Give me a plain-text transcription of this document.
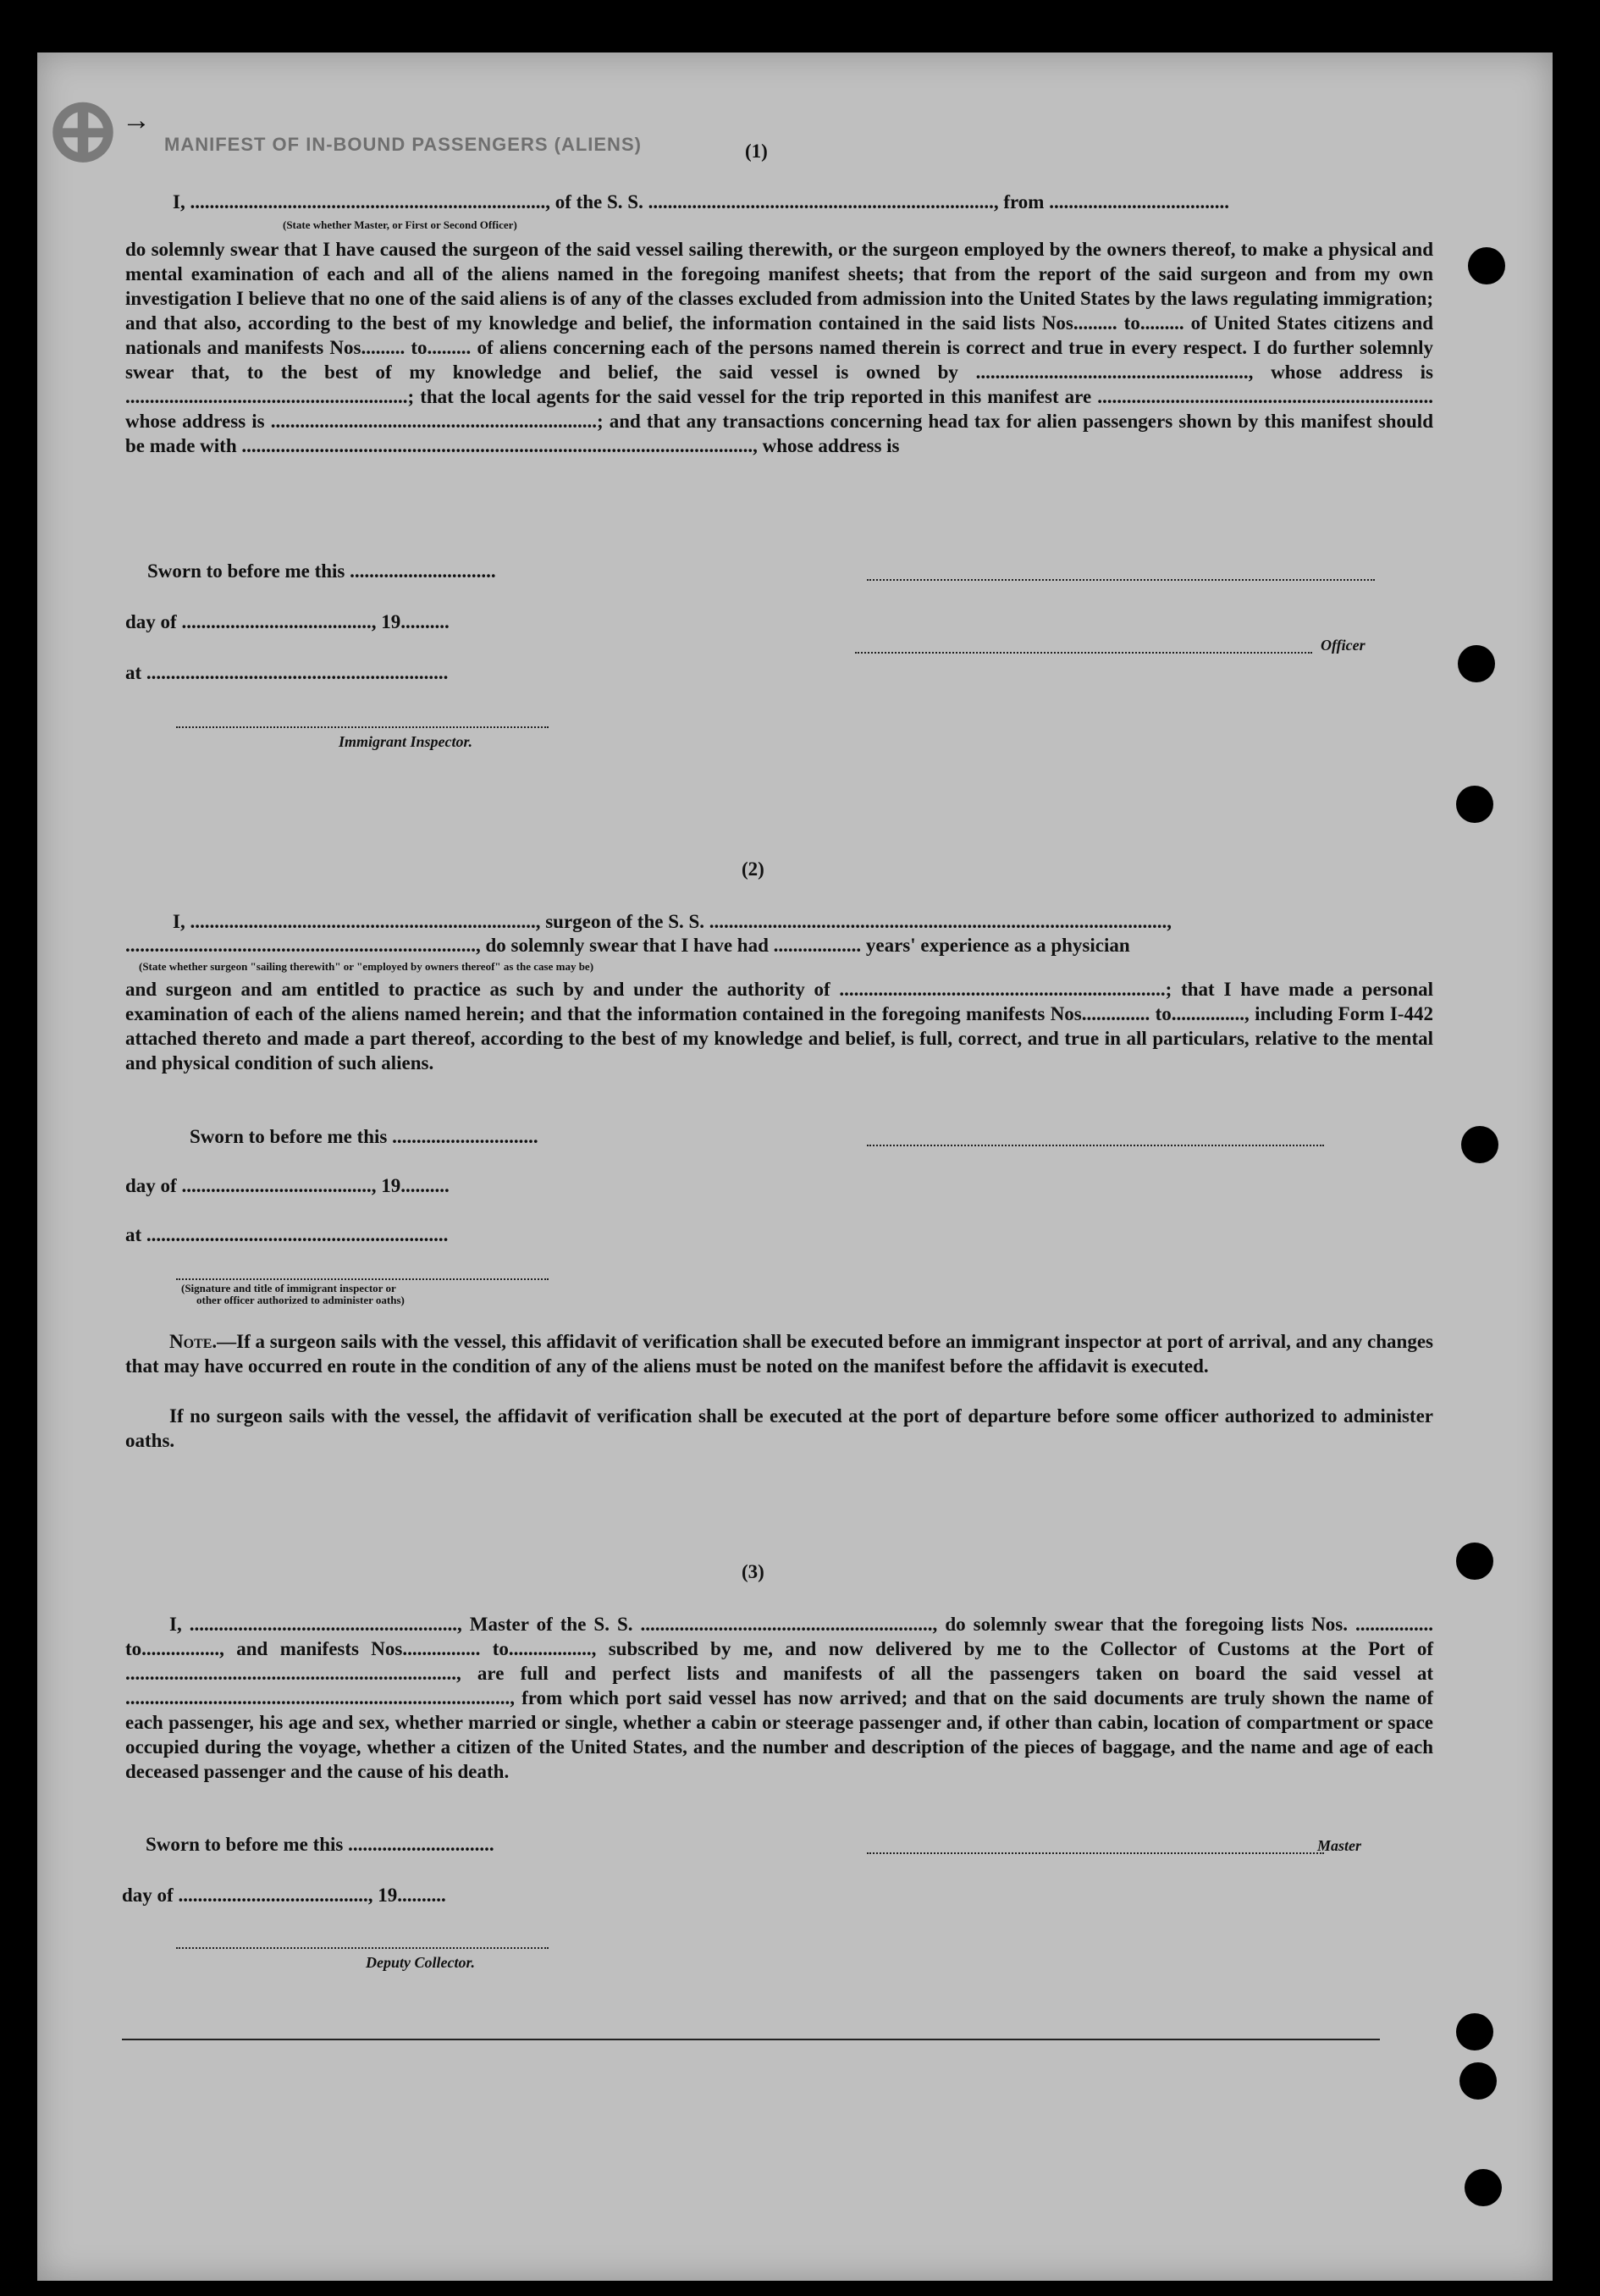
MANIFEST OF IN-BOUND PASSENGERS (ALIENS)
᪠ →
(1)
I, ........................................................................., of the S. S. ......................................................................., from .....................................
(State whether Master, or First or Second Officer)

do solemnly swear that I have caused the surgeon of the said vessel sailing therewith, or the surgeon employed by the owners thereof, to make a physical and mental examination of each and all of the aliens named in the foregoing manifest sheets; that from the report of the said surgeon and from my own investigation I believe that no one of the said aliens is of any of the classes excluded from admission into the United States by the laws regulating immigration; and that also, according to the best of my knowledge and belief, the information contained in the said lists Nos......... to......... of United States citizens and nationals and manifests Nos......... to......... of aliens concerning each of the persons named therein is correct and true in every respect. I do further solemnly swear that, to the best of my knowledge and belief, the said vessel is owned by ........................................................, whose address is ..........................................................; that the local agents for the said vessel for the trip reported in this manifest are ..................................................................... whose address is ...................................................................; and that any transactions concerning head tax for alien passengers shown by this manifest should be made with ........................................................................................................., whose address is

Sworn to before me this ..............................
day of ......................................., 19..........
Officer
at ..............................................................
Immigrant Inspector.
(2)
I, ......................................................................., surgeon of the S. S. ..............................................................................................,
........................................................................, do solemnly swear that I have had .................. years' experience as a physician
(State whether surgeon "sailing therewith" or "employed by owners thereof" as the case may be)

and surgeon and am entitled to practice as such by and under the authority of ...................................................................; that I have made a personal examination of each of the aliens named herein; and that the information contained in the foregoing manifests Nos.............. to..............., including Form I-442 attached thereto and made a part thereof, according to the best of my knowledge and belief, is full, correct, and true in all particulars, relative to the mental and physical condition of such aliens.

Sworn to before me this ..............................
day of ......................................., 19..........
at ..............................................................
(Signature and title of immigrant inspector or
other officer authorized to administer oaths)

Note.—If a surgeon sails with the vessel, this affidavit of verification shall be executed before an immigrant inspector at port of arrival, and any changes that may have occurred en route in the condition of any of the aliens must be noted on the manifest before the affidavit is executed.

If no surgeon sails with the vessel, the affidavit of verification shall be executed at the port of departure before some officer authorized to administer oaths.

(3)

I, ......................................................., Master of the S. S. ............................................................, do solemnly swear that the foregoing lists Nos. ................ to................, and manifests Nos................ to................., subscribed by me, and now delivered by me to the Collector of Customs at the Port of ...................................................................., are full and perfect lists and manifests of all the passengers taken on board the said vessel at ..............................................................................., from which port said vessel has now arrived; and that on the said documents are truly shown the name of each passenger, his age and sex, whether married or single, whether a cabin or steerage passenger and, if other than cabin, location of compartment or space occupied during the voyage, whether a citizen of the United States, and the number and description of the pieces of baggage, and the name and age of each deceased passenger and the cause of his death.

Sworn to before me this ..............................	Master
day of ......................................., 19..........
Deputy Collector.
